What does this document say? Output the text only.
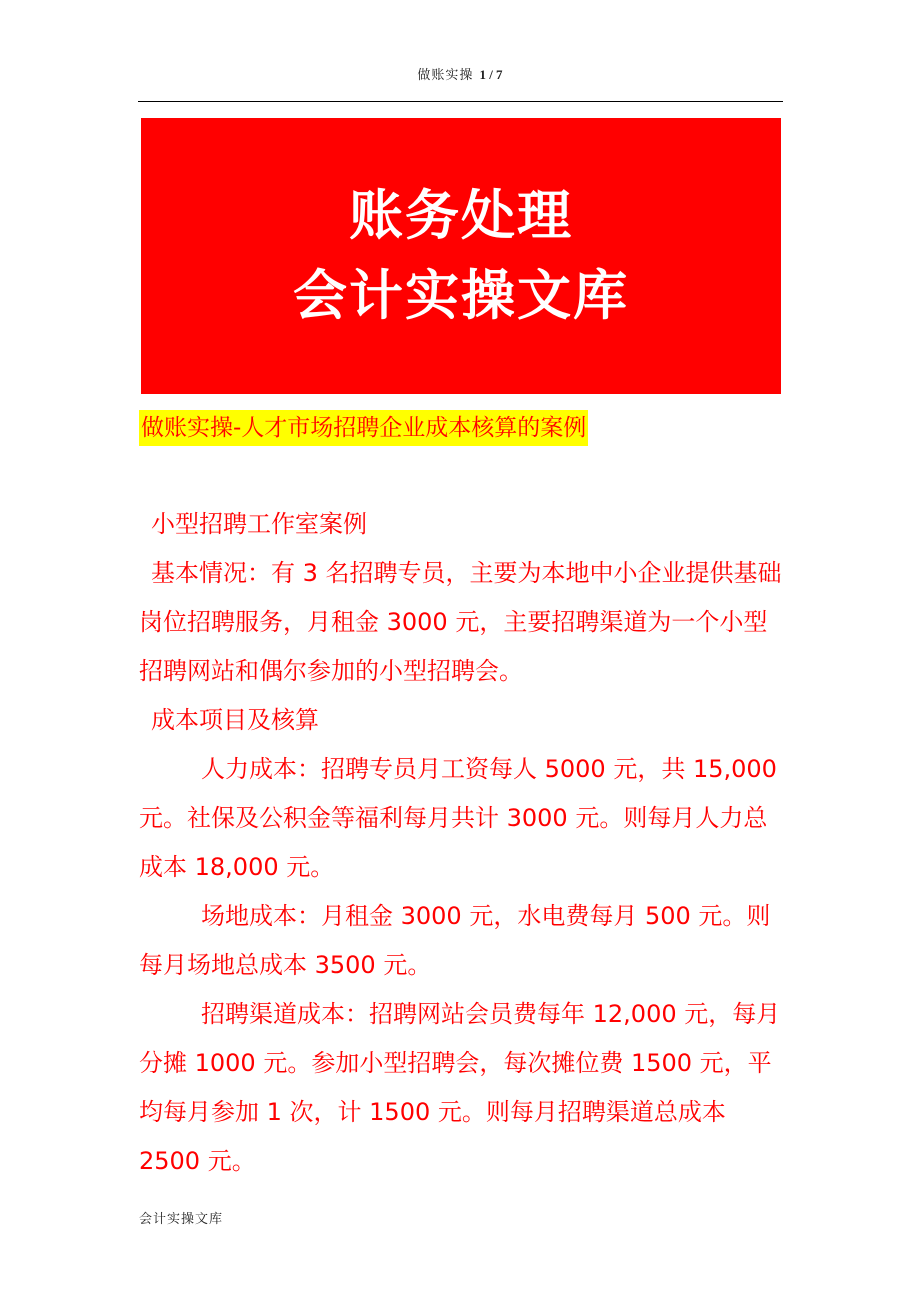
做账实操 1 / 7
账务处理
会计实操文库
做账实操-人才市场招聘企业成本核算的案例

小型招聘工作室案例

基本情况：有 3 名招聘专员，主要为本地中小企业提供基础岗位招聘服务，月租金 3000 元，主要招聘渠道为一个小型招聘网站和偶尔参加的小型招聘会。

成本项目及核算

人力成本：招聘专员月工资每人 5000 元，共 15,000 元。社保及公积金等福利每月共计 3000 元。则每月人力总成本 18,000 元。

场地成本：月租金 3000 元，水电费每月 500 元。则每月场地总成本 3500 元。

招聘渠道成本：招聘网站会员费每年 12,000 元，每月分摊 1000 元。参加小型招聘会，每次摊位费 1500 元，平均每月参加 1 次，计 1500 元。则每月招聘渠道总成本 2500 元。

会计实操文库
